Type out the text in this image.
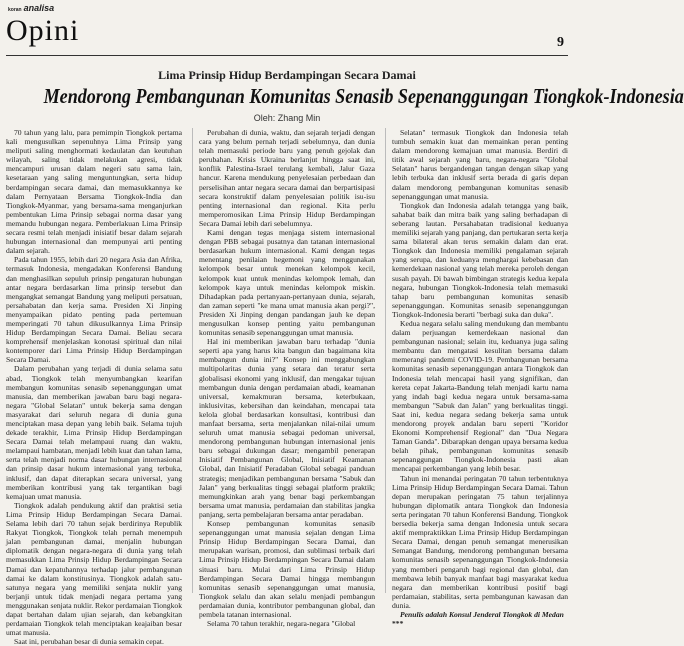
koran analisa
Opini	9
Lima Prinsip Hidup Berdampingan Secara Damai
Mendorong Pembangunan Komunitas Senasib Sepenanggungan Tiongkok-Indonesia
Oleh: Zhang Min

70 tahun yang lalu, para pemimpin Tiongkok pertama kali mengusulkan sepenuhnya Lima Prinsip yang meliputi saling menghormati kedaulatan dan keutuhan wilayah, saling tidak melakukan agresi, tidak mencampuri urusan dalam negeri satu sama lain, kesetaraan yang saling menguntungkan, serta hidup berdampingan secara damai, dan memasukkannya ke dalam Pernyataan Bersama Tiongkok-India dan Tiongkok-Myanmar, yang bersama-sama menganjurkan pembentukan Lima Prinsip sebagai norma dasar yang memandu hubungan negara. Pemberlakuan Lima Prinsip secara resmi telah menjadi inisiatif besar dalam sejarah hubungan internasional dan mempunyai arti penting dalam sejarah.

Pada tahun 1955, lebih dari 20 negara Asia dan Afrika, termasuk Indonesia, mengadakan Konferensi Bandung dan menghasilkan sepuluh prinsip pengaturan hubungan antar negara berdasarkan lima prinsip tersebut dan mengangkat semangat Bandung yang meliputi persatuan, persahabatan dan kerja sama. Presiden Xi Jinping menyampaikan pidato penting pada pertemuan memperingati 70 tahun dikusulkannya Lima Prinsip Hidup Berdampingan Secara Damai. Beliau secara komprehensif menjelaskan konotasi spiritual dan nilai kontemporer dari Lima Prinsip Hidup Berdampingan Secara Damai.

Dalam perubahan yang terjadi di dunia selama satu abad, Tiongkok telah menyumbangkan kearifan membangun komunitas senasib sepenanggungan umat manusia, dan memberikan jawaban baru bagi negara-negara "Global Selatan" untuk bekerja sama dengan masyarakat dari seluruh negara di dunia guna menciptakan masa depan yang lebih baik. Selama tujuh dekade terakhir, Lima Prinsip Hidup Berdampingan Secara Damai telah melampaui ruang dan waktu, melampaui hambatan, menjadi lebih kuat dan tahan lama, serta telah menjadi norma dasar hubungan internasional dan prinsip dasar hukum internasional yang terbuka, inklusif, dan dapat diterapkan secara universal, yang memberikan kontribusi yang tak tergantikan bagi kemajuan umat manusia.

Tiongkok adalah pendukung aktif dan praktisi setia Lima Prinsip Hidup Berdampingan Secara Damai. Selama lebih dari 70 tahun sejak berdirinya Republik Rakyat Tiongkok, Tiongkok telah pernah menempuh jalan pembangunan damai, menjalin hubungan diplomatik dengan negara-negara di dunia yang telah memasukkan Lima Prinsip Hidup Berdampingan Secara Damai dan kepatuhannya terhadap jalur pembangunan damai ke dalam konstitusinya. Tiongkok adalah satu-satunya negara yang memiliki senjata nuklir yang berjanji untuk tidak menjadi negara pertama yang menggunakan senjata nuklir. Rekor perdamaian Tiongkok dapat bertahan dalam ujian sejarah, dan kebangkitan perdamaian Tiongkok telah menciptakan keajaiban besar umat manusia.

Saat ini, perubahan besar di dunia semakin cepat.

Perubahan di dunia, waktu, dan sejarah terjadi dengan cara yang belum pernah terjadi sebelumnya, dan dunia telah memasuki periode baru yang penuh gejolak dan perubahan. Krisis Ukraina berlanjut hingga saat ini, konflik Palestina-Israel terulang kembali, Jalur Gaza hancur. Karena mendukung penyelesaian perbedaan dan perselisihan antar negara secara damai dan berpartisipasi secara konstruktif dalam penyelesaian politik isu-isu penting internasional dan regional. Kita perlu memperomosikan Lima Prinsip Hidup Berdampingan Secara Damai lebih dari sebelumnya.

Kami dengan tegas menjaga sistem internasional dengan PBB sebagai pusatnya dan tatanan internasional berdasarkan hukum internasional. Kami dengan tegas menentang penilaian hegemoni yang menggunakan kelompok besar untuk menekan kelompok kecil, kelompok kuat untuk menindas kelompok lemah, dan kelompok kaya untuk menindas kelompok miskin. Dihadapkan pada pertanyaan-pertanyaan dunia, sejarah, dan zaman seperti "ke mana umat manusia akan pergi?", Presiden Xi Jinping dengan pandangan jauh ke depan mengusulkan konsep penting yaitu pembangunan komunitas senasib sepenanggungan umat manusia.

Hal ini memberikan jawaban baru terhadap "dunia seperti apa yang harus kita bangun dan bagaimana kita membangun dunia ini?" Konsep ini menggabungkan multipolaritas dunia yang setara dan teratur serta globalisasi ekonomi yang inklusif, dan mengakar tujuan membangun dunia dengan perdamaian abadi, keamanan universal, kemakmuran bersama, keterbukaan, inklusivitas, kebersihan dan keindahan, mencapai tata kelola global berdasarkan konsultasi, kontribusi dan manfaat bersama, serta menjalankan nilai-nilai umum seluruh umat manusia sebagai pedoman universal, mendorong pembangunan hubungan internasional jenis baru sebagai dukungan dasar; mengambil penerapan Inisiatif Pembangunan Global, Inisiatif Keamanan Global, dan Inisiatif Peradaban Global sebagai panduan strategis; menjadikan pembangunan bersama "Sabuk dan Jalan" yang berkualitas tinggi sebagai platform praktik; memungkinkan arah yang benar bagi perkembangan bersama umat manusia, perdamaian dan stabilitas jangka panjang, serta pembelajaran bersama antar peradaban.

Konsep pembangunan komunitas senasib sepenanggungan umat manusia sejalan dengan Lima Prinsip Hidup Berdampingan Secara Damai, dan merupakan warisan, promosi, dan sublimasi terbaik dari Lima Prinsip Hidup Berdampingan Secara Damai dalam situasi baru. Mulai dari Lima Prinsip Hidup Berdampingan Secara Damai hingga membangun komunitas senasib sepenanggungan umat manusia, Tiongkok selalu dan akan selalu menjadi pembangun perdamaian dunia, kontributor pembangunan global, dan pembela tatanan internasional.

Selama 70 tahun terakhir, negara-negara "Global

Selatan" termasuk Tiongkok dan Indonesia telah tumbuh semakin kuat dan memainkan peran penting dalam mendorong kemajuan umat manusia. Berdiri di titik awal sejarah yang baru, negara-negara "Global Selatan" harus bergandengan tangan dengan sikap yang lebih terbuka dan inklusif serta berada di garis depan dalam mendorong pembangunan komunitas senasib sepenanggungan umat manusia.

Tiongkok dan Indonesia adalah tetangga yang baik, sahabat baik dan mitra baik yang saling berhadapan di seberang lautan. Persahabatan tradisional keduanya memiliki sejarah yang panjang, dan pertukaran serta kerja sama bilateral akan terus semakin dalam dan erat. Tiongkok dan Indonesia memiliki pengalaman sejarah yang serupa, dan keduanya menghargai kebebasan dan kemerdekaan nasional yang telah mereka peroleh dengan susah payah. Di bawah bimbingan strategis kedua kepala negara, hubungan Tiongkok-Indonesia telah memasuki tahap baru pembangunan komunitas senasib sepenanggungan. Komunitas senasib sepenanggungan Tiongkok-Indonesia berarti "berbagi suka dan duka".

Kedua negara selalu saling mendukung dan membantu dalam perjuangan kemerdekaan nasional dan pembangunan nasional; selain itu, keduanya juga saling membantu dan mengatasi kesulitan bersama dalam memerangi pandemi COVID-19. Pembangunan bersama komunitas senasib sepenanggungan antara Tiongkok dan Indonesia telah mencapai hasil yang signifikan, dan kereta cepat Jakarta-Bandung telah menjadi kartu nama yang indah bagi kedua negara untuk bersama-sama membangun "Sabuk dan Jalan" yang berkualitas tinggi. Saat ini, kedua negara sedang bekerja sama untuk mendorong proyek andalan baru seperti "Koridor Ekonomi Komprehensif Regional" dan "Dua Negara Taman Ganda". Dibarapkan dengan upaya bersama kedua belah pihak, pembangunan komunitas senasib sepenanggungan Tiongkok-Indonesia pasti akan mencapai perkembangan yang lebih besar.

Tahun ini menandai peringatan 70 tahun terbentuknya Lima Prinsip Hidup Berdampingan Secara Damai. Tahun depan merupakan peringatan 75 tahun terjalinnya hubungan diplomatik antara Tiongkok dan Indonesia serta peringatan 70 tahun Konferensi Bandung. Tiongkok bersedia bekerja sama dengan Indonesia untuk secara aktif mempraktikkan Lima Prinsip Hidup Berdampingan Secara Damai, dengan penuh semangat menerusikan Semangat Bandung, mendorong pembangunan bersama komunitas senasib sepenanggungan Tiongkok-Indonesia yang memberi pengaruh bagi regional dan global, dan membawa lebih banyak manfaat bagi masyarakat kedua negara dan memberikan kontribusi positif bagi perdamaian, stabilitas, serta pembangunan kawasan dan dunia.

Penulis adalah Konsul Jenderal Tiongkok di Medan ***
